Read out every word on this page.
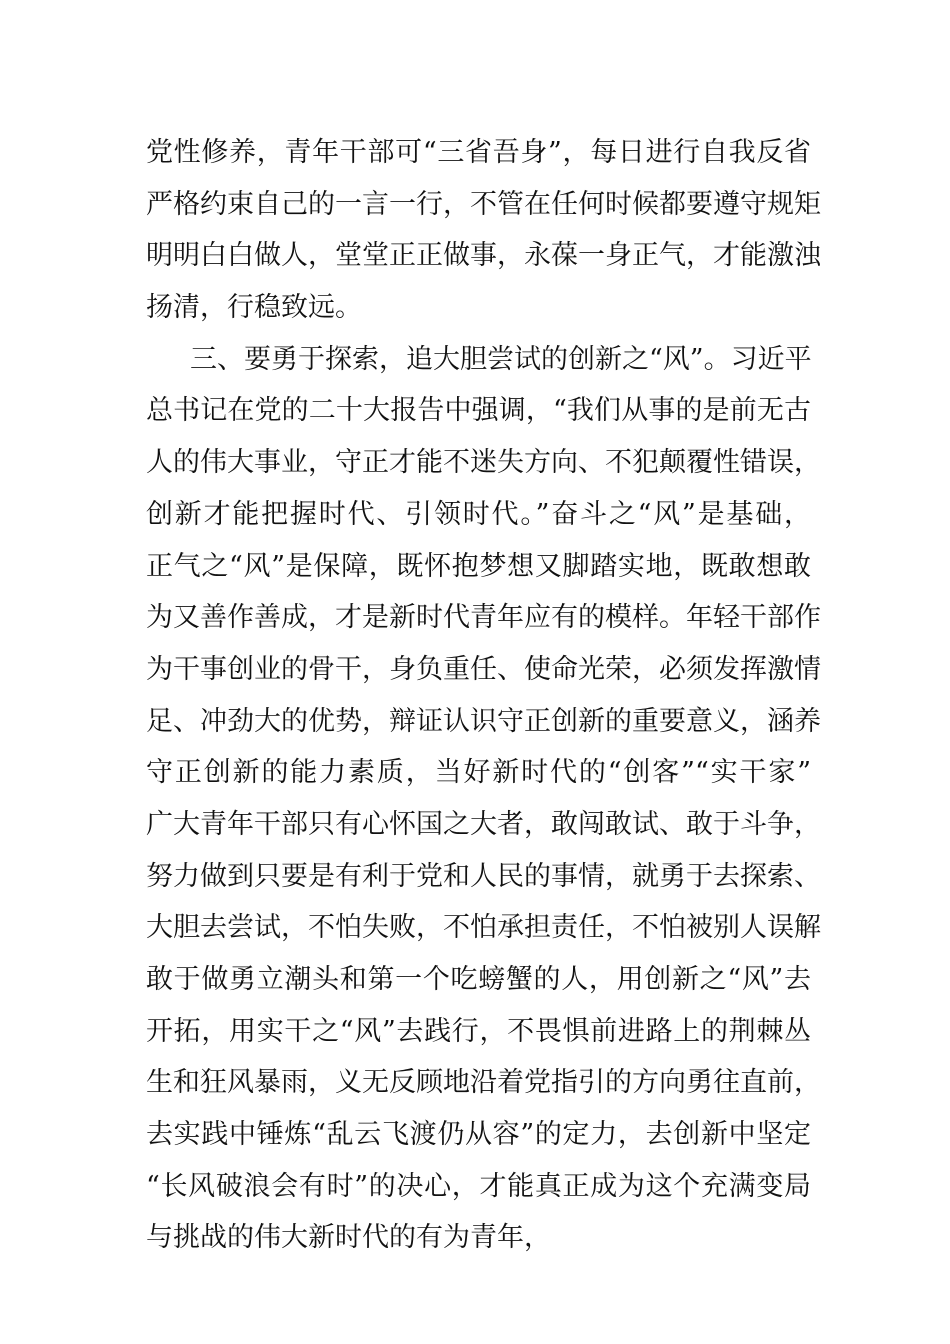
党性修养，青年干部可“三省吾身”，每日进行自我反省
严格约束自己的一言一行，不管在任何时候都要遵守规矩
明明白白做人，堂堂正正做事，永葆一身正气，才能激浊
扬清，行稳致远。
三、要勇于探索，追大胆尝试的创新之“风”。习近平
总书记在党的二十大报告中强调，“我们从事的是前无古
人的伟大事业，守正才能不迷失方向、不犯颠覆性错误，
创新才能把握时代、引领时代。”奋斗之“风”是基础，
正气之“风”是保障，既怀抱梦想又脚踏实地，既敢想敢
为又善作善成，才是新时代青年应有的模样。年轻干部作
为干事创业的骨干，身负重任、使命光荣，必须发挥激情
足、冲劲大的优势，辩证认识守正创新的重要意义，涵养
守正创新的能力素质，当好新时代的“创客”“实干家”
广大青年干部只有心怀国之大者，敢闯敢试、敢于斗争，
努力做到只要是有利于党和人民的事情，就勇于去探索、
大胆去尝试，不怕失败，不怕承担责任，不怕被别人误解
敢于做勇立潮头和第一个吃螃蟹的人，用创新之“风”去
开拓，用实干之“风”去践行，不畏惧前进路上的荆棘丛
生和狂风暴雨，义无反顾地沿着党指引的方向勇往直前，
去实践中锤炼“乱云飞渡仍从容”的定力，去创新中坚定
“长风破浪会有时”的决心，才能真正成为这个充满变局
与挑战的伟大新时代的有为青年，
